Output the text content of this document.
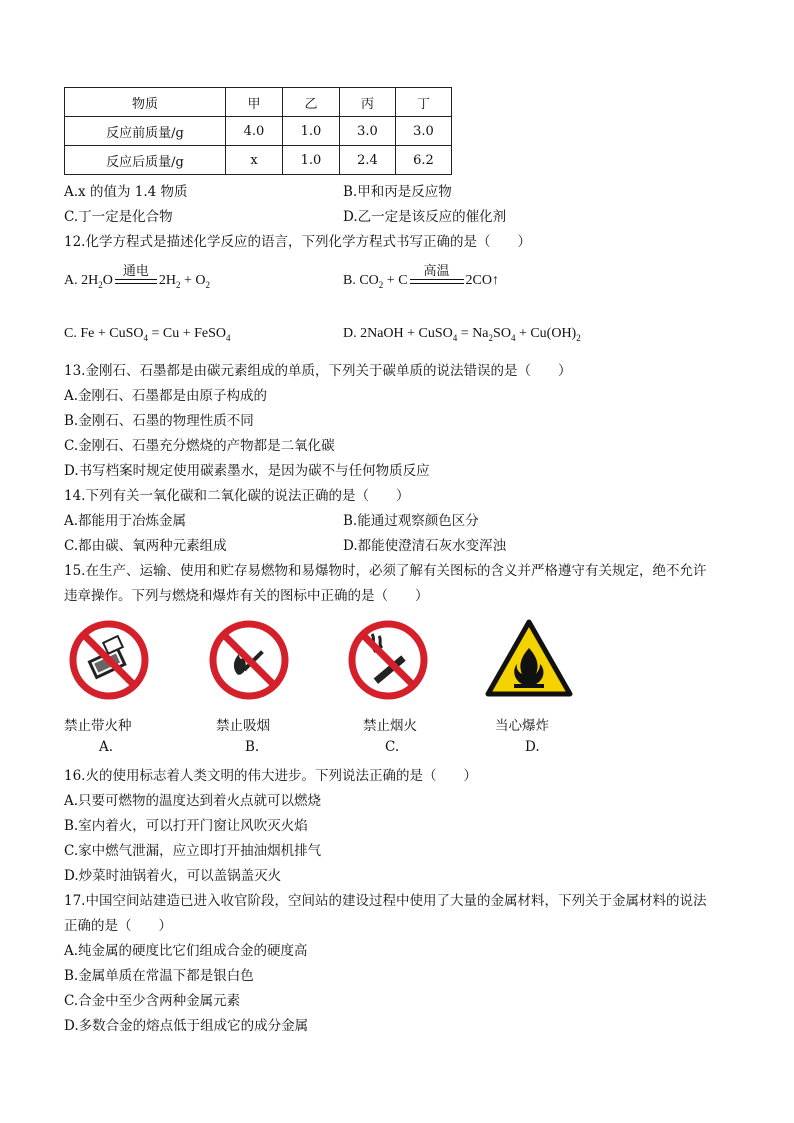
物质	甲	乙	丙	丁
反应前质量/g	4.0	1.0	3.0	3.0
反应后质量/g	x	1.0	2.4	6.2
A.x 的值为 1.4 物质	B.甲和丙是反应物
C.丁一定是化合物	D.乙一定是该反应的催化剂
12.化学方程式是描述化学反应的语言，下列化学方程式书写正确的是（　　）
A. $2H_2O$
通电
$2H_2 + O_2$	B. $CO_2 + C$
高温
2CO↑
C. Fe + CuSO$_4$ = Cu + FeSO$_4$	D. 2NaOH + CuSO$_4$ = $Na_2SO_4 + Cu(OH)_2$
13.金刚石、石墨都是由碳元素组成的单质，下列关于碳单质的说法错误的是（　　）
A.金刚石、石墨都是由原子构成的
B.金刚石、石墨的物理性质不同
C.金刚石、石墨充分燃烧的产物都是二氧化碳
D.书写档案时规定使用碳素墨水，是因为碳不与任何物质反应
14.下列有关一氧化碳和二氧化碳的说法正确的是（　　）
A.都能用于冶炼金属	B.能通过观察颜色区分
C.都由碳、氧两种元素组成	D.都能使澄清石灰水变浑浊
15.在生产、运输、使用和贮存易燃物和易爆物时，必须了解有关图标的含义并严格遵守有关规定，绝不允许
违章操作。下列与燃烧和爆炸有关的图标中正确的是（　　）
禁止带火种	禁止吸烟	禁止烟火	当心爆炸
A.	B.	C.	D.
16.火的使用标志着人类文明的伟大进步。下列说法正确的是（　　）
A.只要可燃物的温度达到着火点就可以燃烧
B.室内着火，可以打开门窗让风吹灭火焰
C.家中燃气泄漏，应立即打开抽油烟机排气
D.炒菜时油锅着火，可以盖锅盖灭火
17.中国空间站建造已进入收官阶段，空间站的建设过程中使用了大量的金属材料，下列关于金属材料的说法
正确的是（　　）
A.纯金属的硬度比它们组成合金的硬度高
B.金属单质在常温下都是银白色
C.合金中至少含两种金属元素
D.多数合金的熔点低于组成它的成分金属
